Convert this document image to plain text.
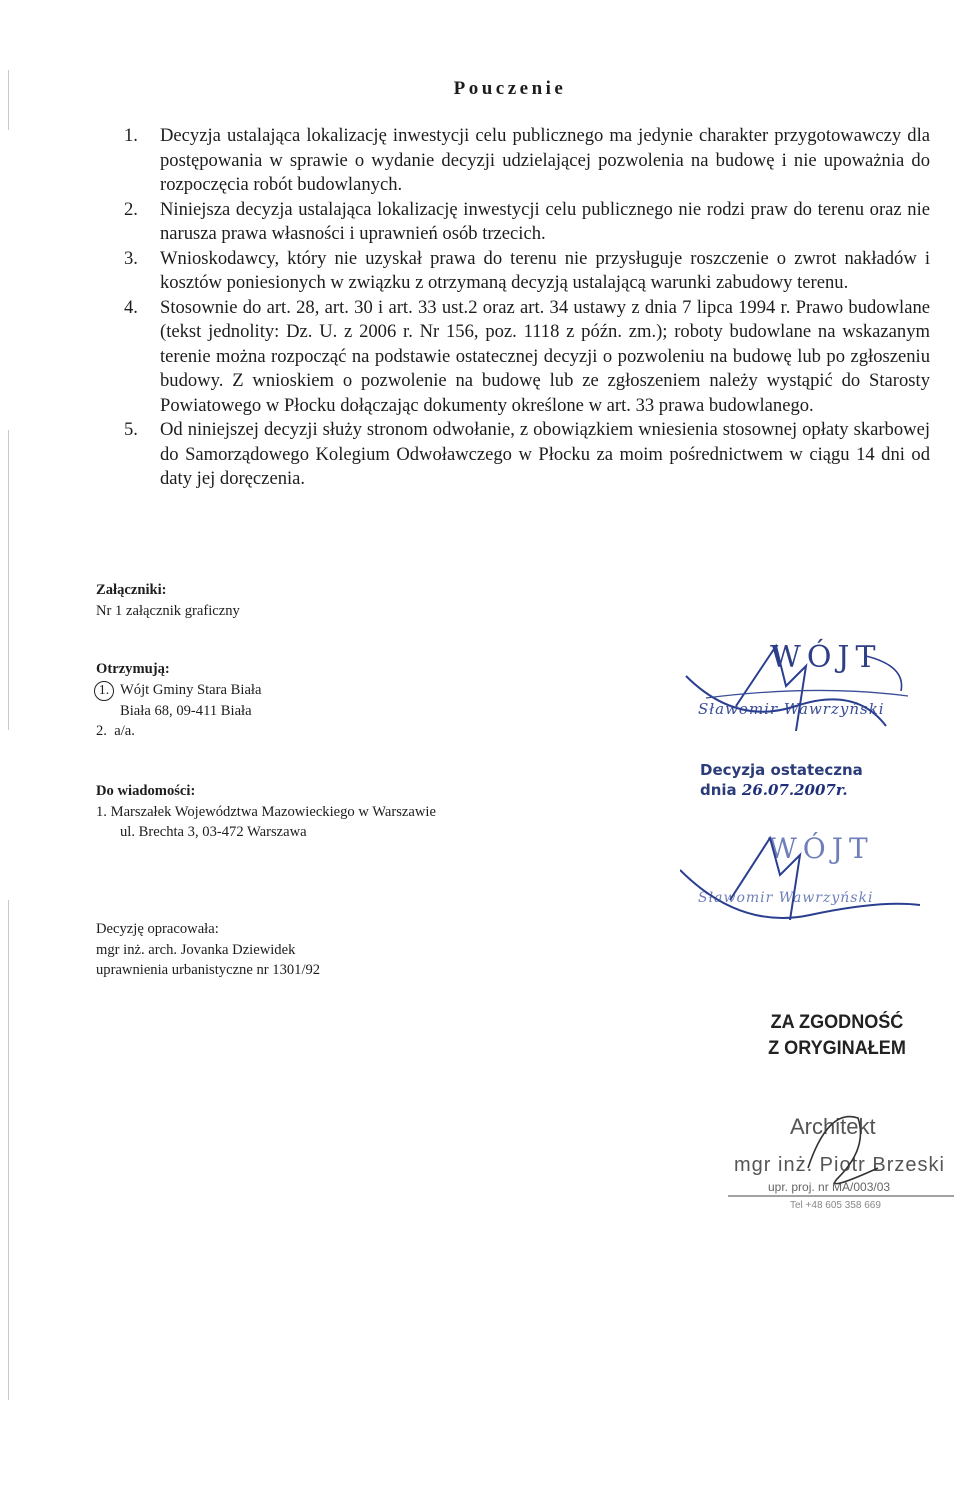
Pouczenie
1. Decyzja ustalająca lokalizację inwestycji celu publicznego ma jedynie charakter przygotowawczy dla postępowania w sprawie o wydanie decyzji udzielającej pozwolenia na budowę i nie upoważnia do rozpoczęcia robót budowlanych.
2. Niniejsza decyzja ustalająca lokalizację inwestycji celu publicznego nie rodzi praw do terenu oraz nie narusza prawa własności i uprawnień osób trzecich.
3. Wnioskodawcy, który nie uzyskał prawa do terenu nie przysługuje roszczenie o zwrot nakładów i kosztów poniesionych w związku z otrzymaną decyzją ustalającą warunki zabudowy terenu.
4. Stosownie do art. 28, art. 30 i art. 33 ust.2 oraz art. 34 ustawy z dnia 7 lipca 1994 r. Prawo budowlane (tekst jednolity: Dz. U. z 2006 r. Nr 156, poz. 1118 z późn. zm.); roboty budowlane na wskazanym terenie można rozpocząć na podstawie ostatecznej decyzji o pozwoleniu na budowę lub po zgłoszeniu budowy. Z wnioskiem o pozwolenie na budowę lub ze zgłoszeniem należy wystąpić do Starosty Powiatowego w Płocku dołączając dokumenty określone w art. 33 prawa budowlanego.
5. Od niniejszej decyzji służy stronom odwołanie, z obowiązkiem wniesienia stosownej opłaty skarbowej do Samorządowego Kolegium Odwoławczego w Płocku za moim pośrednictwem w ciągu 14 dni od daty jej doręczenia.
Załączniki:
Nr 1 załącznik graficzny
Otrzymują:
1. Wójt Gminy Stara Biała
Biała 68, 09-411 Biała
2. a/a.
Do wiadomości:
1. Marszałek Województwa Mazowieckiego w Warszawie
ul. Brechta 3, 03-472 Warszawa
Decyzję opracowała:
mgr inż. arch. Jovanka Dziewidek
uprawnienia urbanistyczne nr 1301/92
WÓJT
Sławomir Wawrzyński
Decyzja ostateczna
dnia 26.07.2007r.
WÓJT
Sławomir Wawrzyński
ZA ZGODNOŚĆ
Z ORYGINAŁEM
Architekt
mgr inż. Piotr Brzeski
upr. proj. nr MA/003/03
Tel +48 605 358 669
